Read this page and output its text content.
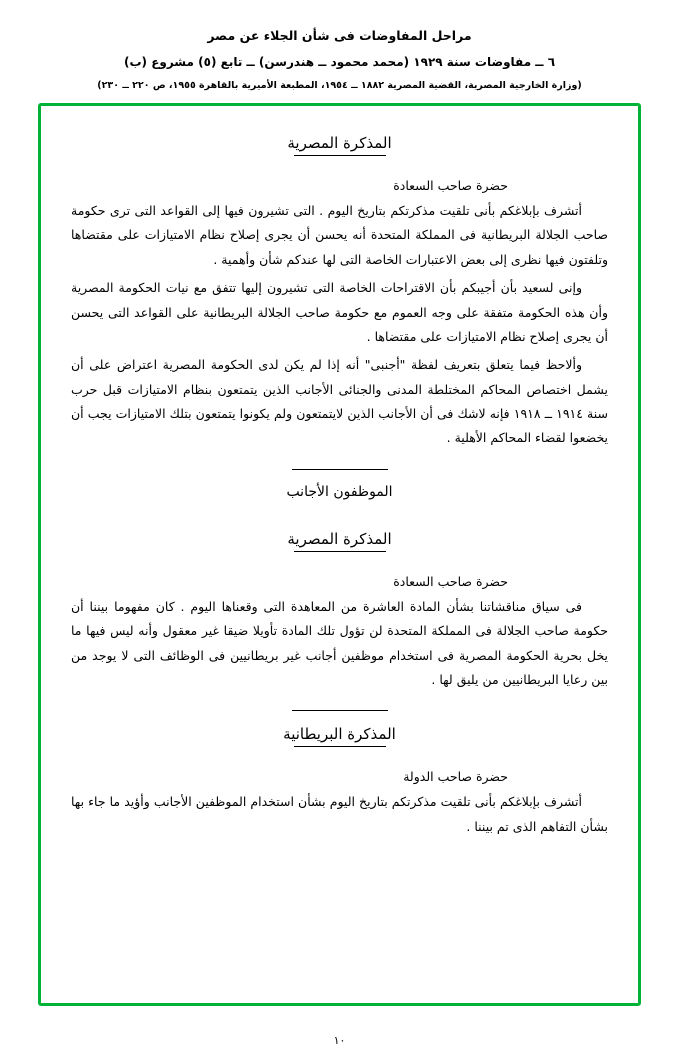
مراحل المفاوضات فى شأن الجلاء عن مصر
٦ ــ مفاوضات سنة ١٩٢٩ (محمد محمود ــ هندرسن) ــ تابع (٥) مشروع (ب)
(وزارة الخارجية المصرية، القضية المصرية ١٨٨٢ ــ ١٩٥٤، المطبعة الأميرية بالقاهرة ١٩٥٥، ص ٢٢٠ ــ ٢٣٠)
المذكرة المصرية
حضرة صاحب السعادة

أتشرف بإبلاغكم بأنى تلقيت مذكرتكم بتاريخ اليوم . التى تشيرون فيها إلى القواعد التى ترى حكومة صاحب الجلالة البريطانية فى المملكة المتحدة أنه يحسن أن يجرى إصلاح نظام الامتيازات على مقتضاها وتلفتون فيها نظرى إلى بعض الاعتبارات الخاصة التى لها عندكم شأن وأهمية .

وإنى لسعيد بأن أجيبكم بأن الاقتراحات الخاصة التى تشيرون إليها تتفق مع نيات الحكومة المصرية وأن هذه الحكومة متفقة على وجه العموم مع حكومة صاحب الجلالة البريطانية على القواعد التى يحسن أن يجرى إصلاح نظام الامتيازات على مقتضاها .

وألاحظ فيما يتعلق بتعريف لفظة "أجنبى" أنه إذا لم يكن لدى الحكومة المصرية اعتراض على أن يشمل اختصاص المحاكم المختلطة المدنى والجنائى الأجانب الذين يتمتعون بنظام الامتيازات قبل حرب سنة ١٩١٤ ــ ١٩١٨ فإنه لاشك فى أن الأجانب الذين لايتمتعون ولم يكونوا يتمتعون بتلك الامتيازات يجب أن يخضعوا لقضاء المحاكم الأهلية .

الموظفون الأجانب
المذكرة المصرية
حضرة صاحب السعادة

فى سياق مناقشاتنا بشأن المادة العاشرة من المعاهدة التى وقعناها اليوم . كان مفهوما بيننا أن حكومة صاحب الجلالة فى المملكة المتحدة لن تؤول تلك المادة تأويلا ضيقا غير معقول وأنه ليس فيها ما يخل بحرية الحكومة المصرية فى استخدام موظفين أجانب غير بريطانيين فى الوظائف التى لا يوجد من بين رعايا البريطانيين من يليق لها .

المذكرة البريطانية
حضرة صاحب الدولة

أتشرف بإبلاغكم بأنى تلقيت مذكرتكم بتاريخ اليوم بشأن استخدام الموظفين الأجانب وأؤيد ما جاء بها بشأن التفاهم الذى تم بيننا .

١٠
